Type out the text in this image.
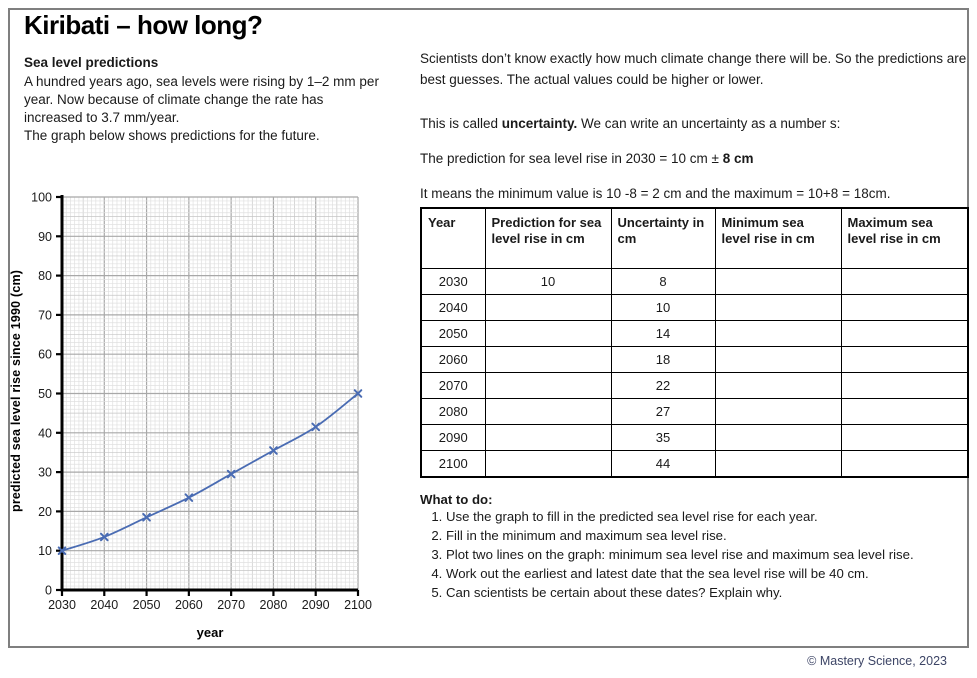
Kiribati – how long?

Sea level predictions

A hundred years ago, sea levels were rising by 1–2 mm per year. Now because of climate change the rate has increased to 3.7 mm/year.

The graph below shows predictions for the future.

predicted sea level rise since 1990 (cm)
0
10
20
30
40
50
60
70
80
90
100
2030 2040 2050 2060 2070 2080 2090 2100
year

Scientists don’t know exactly how much climate change there will be. So the predictions are best guesses. The actual values could be higher or lower.

This is called uncertainty. We can write an uncertainty as a number s:

The prediction for sea level rise in 2030 = 10 cm ± 8 cm

It means the minimum value is 10 -8 = 2 cm and the maximum = 10+8 = 18cm.

Year	Prediction for sea level rise in cm	Uncertainty in cm	Minimum sea level rise in cm	Maximum sea level rise in cm
2030	10	8		
2040		10		
2050		14		
2060		18		
2070		22		
2080		27		
2090		35		
2100		44		

What to do:

1. Use the graph to fill in the predicted sea level rise for each year.
2. Fill in the minimum and maximum sea level rise.
3. Plot two lines on the graph: minimum sea level rise and maximum sea level rise.
4. Work out the earliest and latest date that the sea level rise will be 40 cm.
5. Can scientists be certain about these dates? Explain why.
© Mastery Science, 2023
